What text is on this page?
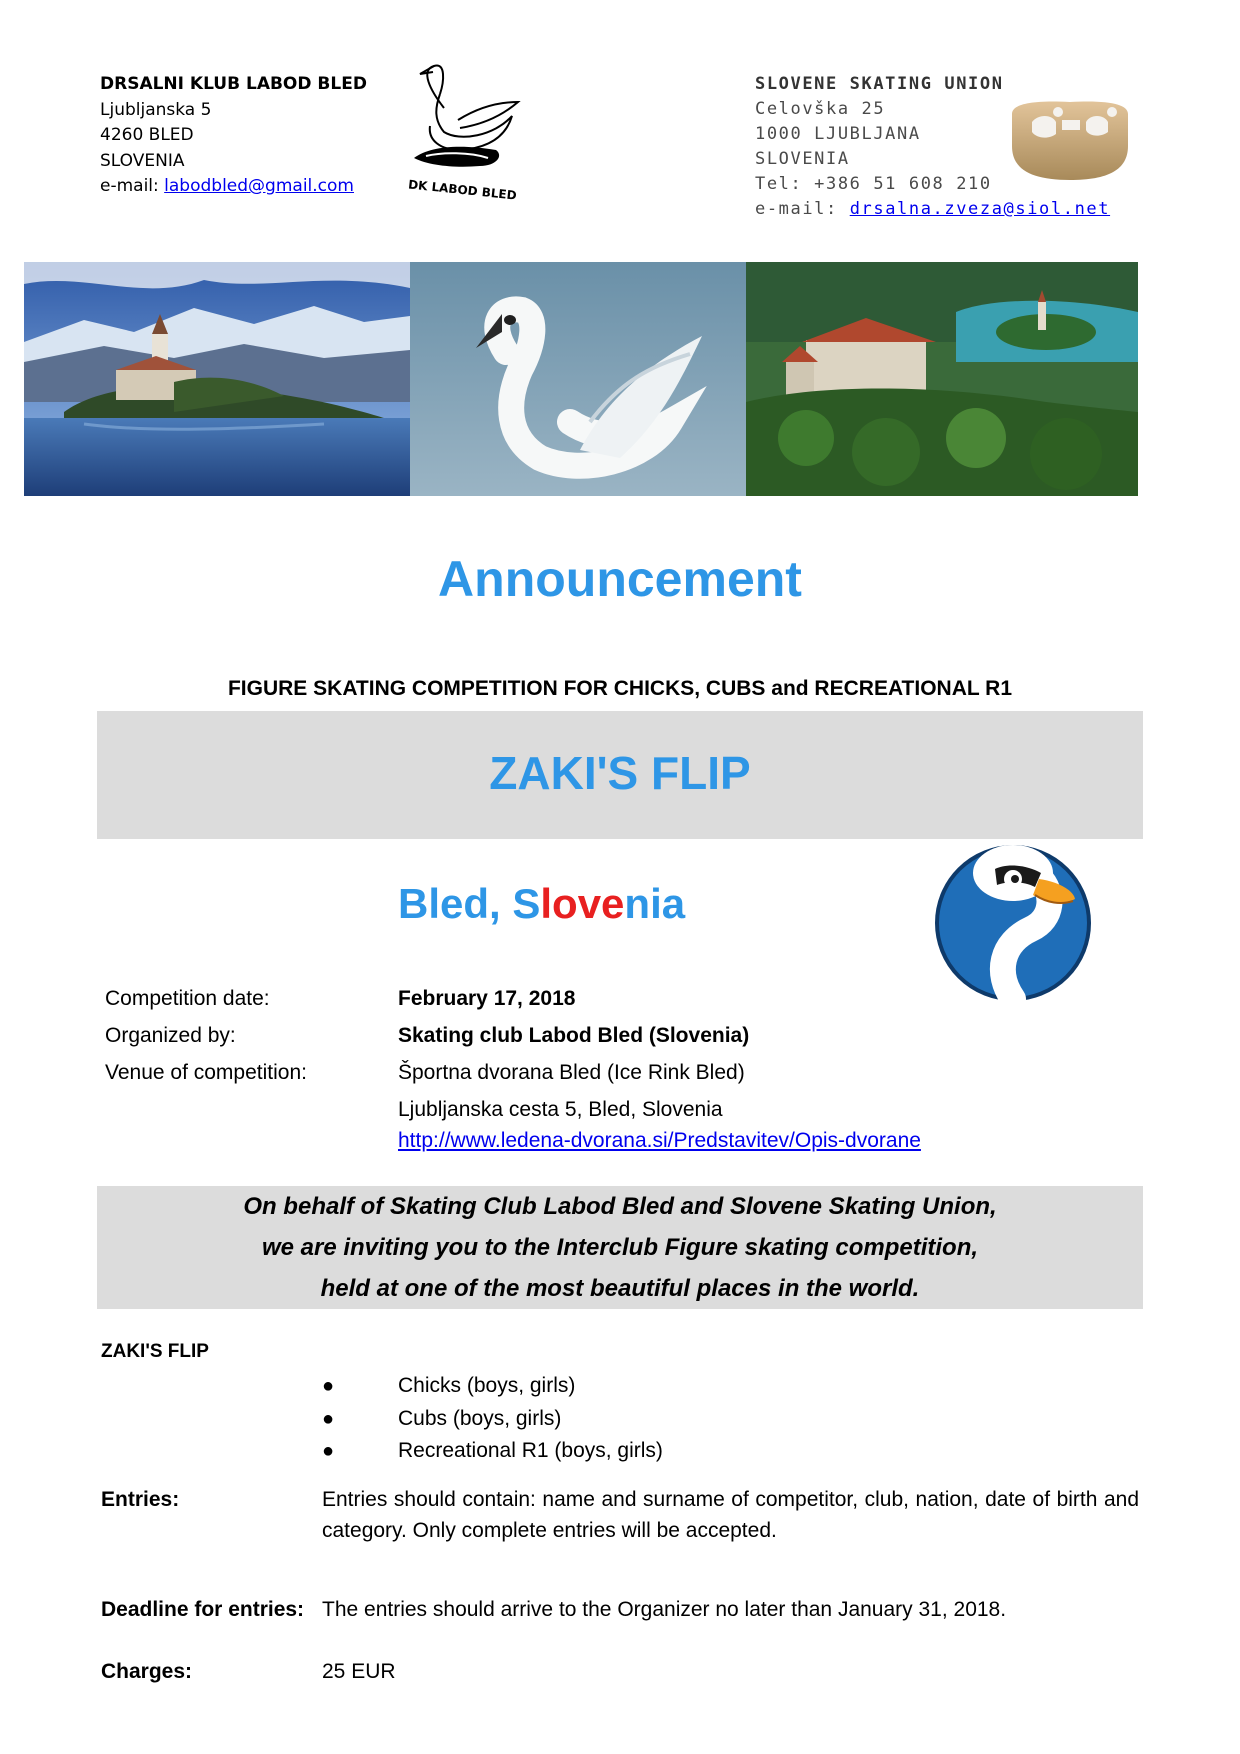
DRSALNI KLUB LABOD BLED
Ljubljanska 5
4260 BLED
SLOVENIA
e-mail: labodbled@gmail.com	DK LABOD BLED
SLOVENE SKATING UNION
Celovška 25
1000 LJUBLJANA
SLOVENIA
Tel: +386 51 608 210
e-mail: drsalna.zveza@siol.net
Announcement
FIGURE SKATING COMPETITION FOR CHICKS, CUBS and RECREATIONAL R1
ZAKI'S FLIP
Bled, Slovenia
Competition date:	February 17, 2018
Organized by:	Skating club Labod Bled (Slovenia)
Venue of competition:	Športna dvorana Bled (Ice Rink Bled)
Ljubljanska cesta 5, Bled, Slovenia
http://www.ledena-dvorana.si/Predstavitev/Opis-dvorane
On behalf of Skating Club Labod Bled and Slovene Skating Union,
we are inviting you to the Interclub Figure skating competition,
held at one of the most beautiful places in the world.
ZAKI'S FLIP
●	Chicks (boys, girls)
●	Cubs (boys, girls)
●	Recreational R1 (boys, girls)
Entries:	Entries should contain: name and surname of competitor, club, nation, date of birth and category. Only complete entries will be accepted.
Deadline for entries: The entries should arrive to the Organizer no later than January 31, 2018.
Charges:	25 EUR
